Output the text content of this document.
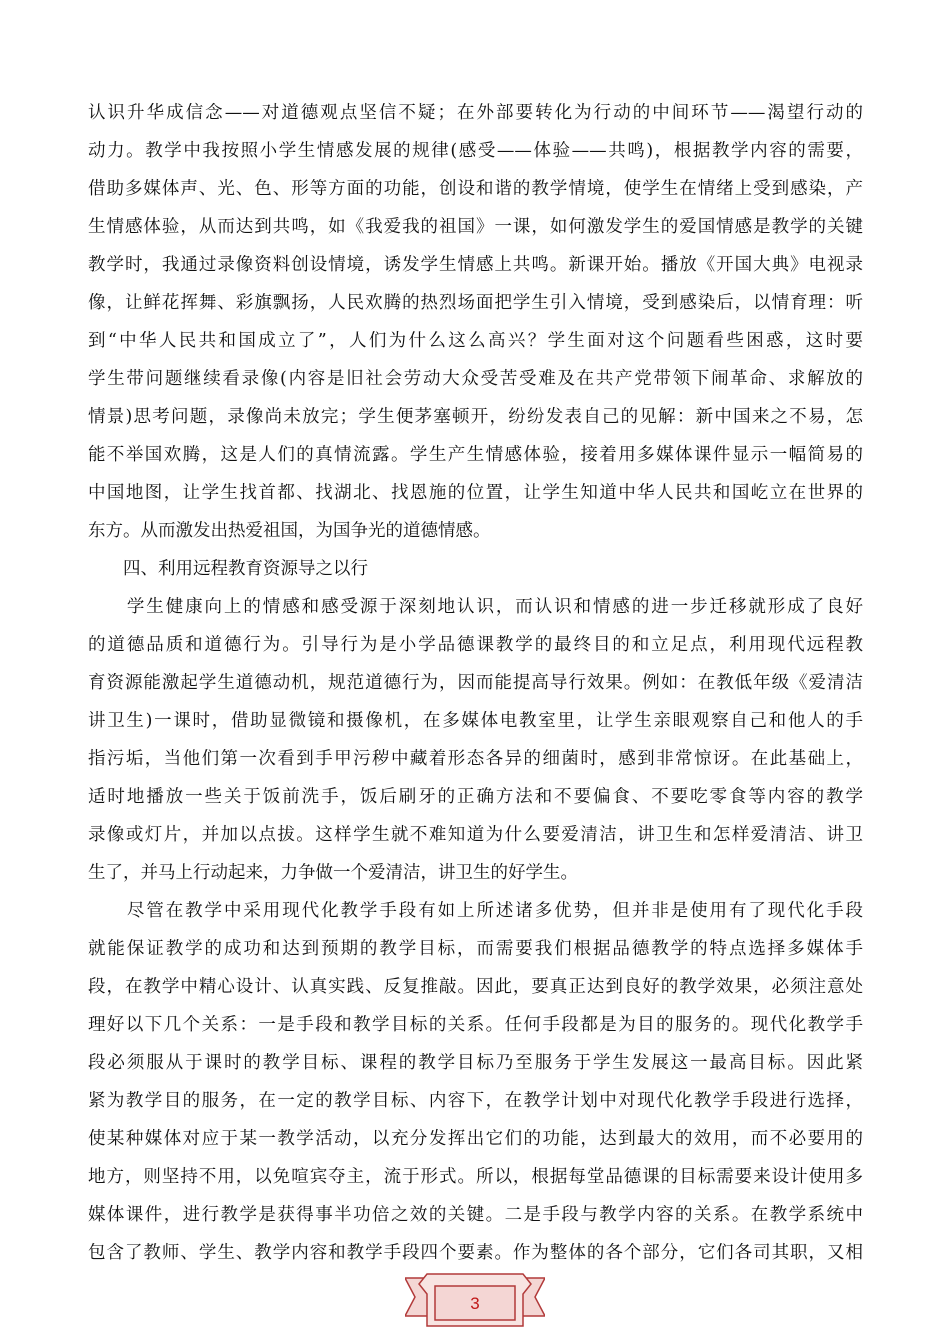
认识升华成信念——对道德观点坚信不疑；在外部要转化为行动的中间环节——渴望行动的
动力。教学中我按照小学生情感发展的规律(感受——体验——共鸣)，根据教学内容的需要，
借助多媒体声、光、色、形等方面的功能，创设和谐的教学情境，使学生在情绪上受到感染，产
生情感体验，从而达到共鸣，如《我爱我的祖国》一课，如何激发学生的爱国情感是教学的关键
教学时，我通过录像资料创设情境，诱发学生情感上共鸣。新课开始。播放《开国大典》电视录
像，让鲜花挥舞、彩旗飘扬，人民欢腾的热烈场面把学生引入情境，受到感染后，以情育理：听
到“中华人民共和国成立了”，人们为什么这么高兴？学生面对这个问题看些困惑，这时要
学生带问题继续看录像(内容是旧社会劳动大众受苦受难及在共产党带领下闹革命、求解放的
情景)思考问题，录像尚未放完；学生便茅塞顿开，纷纷发表自己的见解：新中国来之不易，怎
能不举国欢腾，这是人们的真情流露。学生产生情感体验，接着用多媒体课件显示一幅简易的
中国地图，让学生找首都、找湖北、找恩施的位置，让学生知道中华人民共和国屹立在世界的
东方。从而激发出热爱祖国，为国争光的道德情感。
　　四、利用远程教育资源导之以行
　　学生健康向上的情感和感受源于深刻地认识，而认识和情感的进一步迁移就形成了良好
的道德品质和道德行为。引导行为是小学品德课教学的最终目的和立足点，利用现代远程教
育资源能激起学生道德动机，规范道德行为，因而能提高导行效果。例如：在教低年级《爱清洁
讲卫生)一课时，借助显微镜和摄像机，在多媒体电教室里，让学生亲眼观察自己和他人的手
指污垢，当他们第一次看到手甲污秽中藏着形态各异的细菌时，感到非常惊讶。在此基础上，
适时地播放一些关于饭前洗手，饭后刷牙的正确方法和不要偏食、不要吃零食等内容的教学
录像或灯片，并加以点拔。这样学生就不难知道为什么要爱清洁，讲卫生和怎样爱清洁、讲卫
生了，并马上行动起来，力争做一个爱清洁，讲卫生的好学生。
　　尽管在教学中采用现代化教学手段有如上所述诸多优势，但并非是使用有了现代化手段
就能保证教学的成功和达到预期的教学目标，而需要我们根据品德教学的特点选择多媒体手
段，在教学中精心设计、认真实践、反复推敲。因此，要真正达到良好的教学效果，必须注意处
理好以下几个关系：一是手段和教学目标的关系。任何手段都是为目的服务的。现代化教学手
段必须服从于课时的教学目标、课程的教学目标乃至服务于学生发展这一最高目标。因此紧
紧为教学目的服务，在一定的教学目标、内容下，在教学计划中对现代化教学手段进行选择，
使某种媒体对应于某一教学活动，以充分发挥出它们的功能，达到最大的效用，而不必要用的
地方，则坚持不用，以免喧宾夺主，流于形式。所以，根据每堂品德课的目标需要来设计使用多
媒体课件，进行教学是获得事半功倍之效的关键。二是手段与教学内容的关系。在教学系统中
包含了教师、学生、教学内容和教学手段四个要素。作为整体的各个部分，它们各司其职，又相
3
